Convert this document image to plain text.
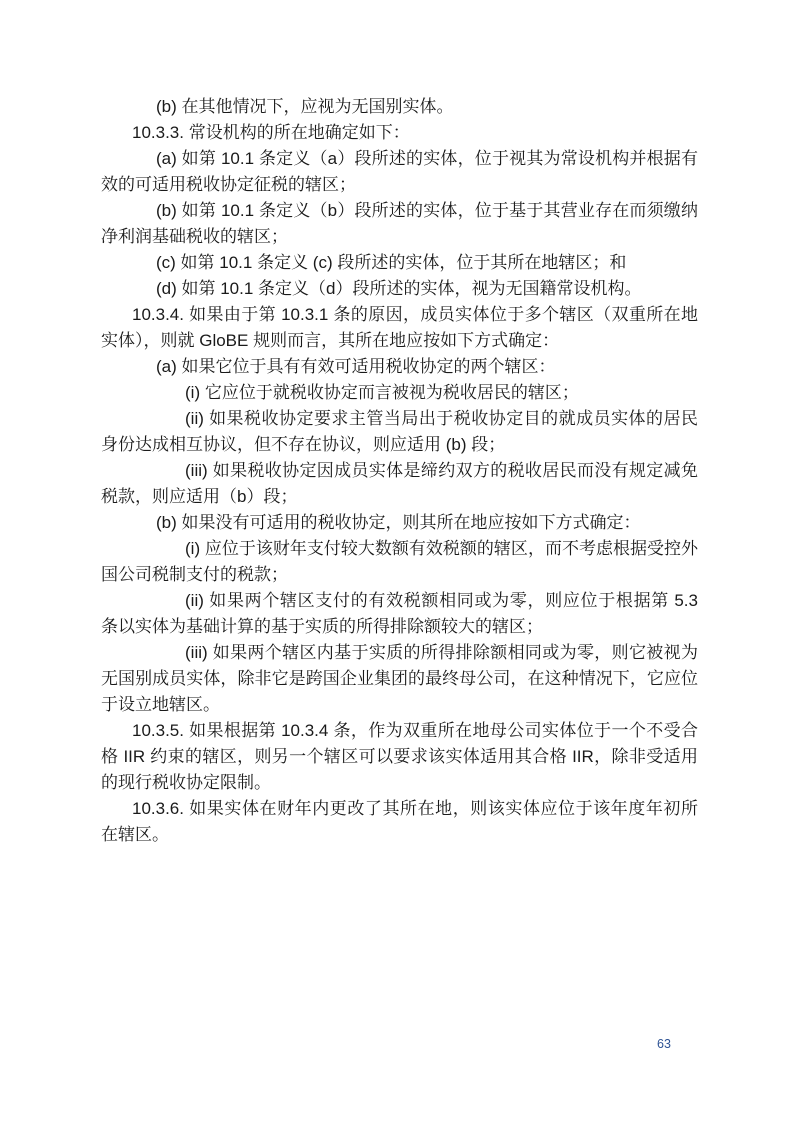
(b) 在其他情况下，应视为无国别实体。

10.3.3. 常设机构的所在地确定如下：

(a) 如第 10.1 条定义（a）段所述的实体，位于视其为常设机构并根据有效的可适用税收协定征税的辖区；

(b) 如第 10.1 条定义（b）段所述的实体，位于基于其营业存在而须缴纳净利润基础税收的辖区；

(c) 如第 10.1 条定义 (c) 段所述的实体，位于其所在地辖区；和

(d) 如第 10.1 条定义（d）段所述的实体，视为无国籍常设机构。

10.3.4. 如果由于第 10.3.1 条的原因，成员实体位于多个辖区（双重所在地实体），则就 GloBE 规则而言，其所在地应按如下方式确定：

(a) 如果它位于具有有效可适用税收协定的两个辖区：

(i) 它应位于就税收协定而言被视为税收居民的辖区；

(ii) 如果税收协定要求主管当局出于税收协定目的就成员实体的居民身份达成相互协议，但不存在协议，则应适用 (b) 段；

(iii) 如果税收协定因成员实体是缔约双方的税收居民而没有规定减免税款，则应适用（b）段；

(b) 如果没有可适用的税收协定，则其所在地应按如下方式确定：

(i) 应位于该财年支付较大数额有效税额的辖区，而不考虑根据受控外国公司税制支付的税款；

(ii) 如果两个辖区支付的有效税额相同或为零，则应位于根据第 5.3 条以实体为基础计算的基于实质的所得排除额较大的辖区；

(iii) 如果两个辖区内基于实质的所得排除额相同或为零，则它被视为无国别成员实体，除非它是跨国企业集团的最终母公司，在这种情况下，它应位于设立地辖区。

10.3.5. 如果根据第 10.3.4 条，作为双重所在地母公司实体位于一个不受合格 IIR 约束的辖区，则另一个辖区可以要求该实体适用其合格 IIR，除非受适用的现行税收协定限制。

10.3.6. 如果实体在财年内更改了其所在地，则该实体应位于该年度年初所在辖区。

63
